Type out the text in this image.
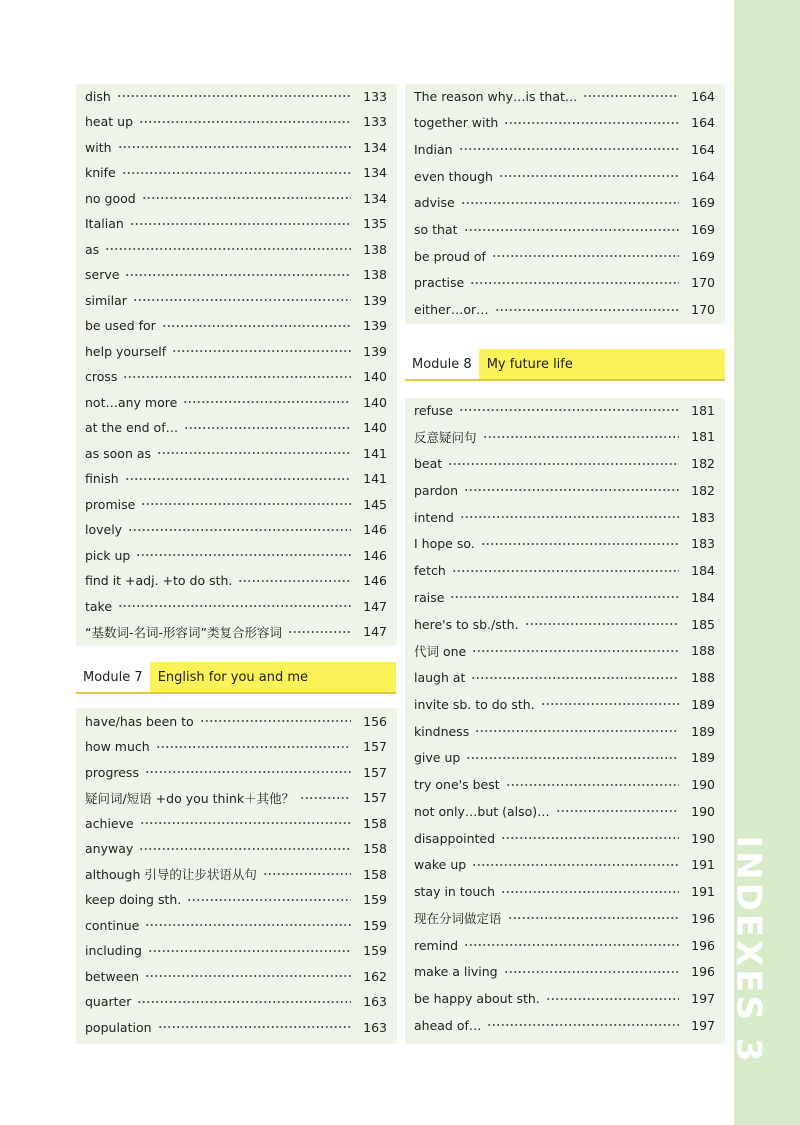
INDEXES 3
dish	133
heat up	133
with	134
knife	134
no good	134
Italian	135
as	138
serve	138
similar	139
be used for	139
help yourself	139
cross	140
not…any more	140
at the end of…	140
as soon as	141
finish	141
promise	145
lovely	146
pick up	146
find it +adj. +to do sth.	146
take	147
“基数词-名词-形容词”类复合形容词	147
Module 7	English for you and me
have/has been to	156
how much	157
progress	157
疑问词/短语 +do you think＋其他？	157
achieve	158
anyway	158
although 引导的让步状语从句	158
keep doing sth.	159
continue	159
including	159
between	162
quarter	163
population	163
The reason why…is that…	164
together with	164
Indian	164
even though	164
advise	169
so that	169
be proud of	169
practise	170
either…or…	170
Module 8	My future life
refuse	181
反意疑问句	181
beat	182
pardon	182
intend	183
I hope so.	183
fetch	184
raise	184
here's to sb./sth.	185
代词 one	188
laugh at	188
invite sb. to do sth.	189
kindness	189
give up	189
try one's best	190
not only…but (also)…	190
disappointed	190
wake up	191
stay in touch	191
现在分词做定语	196
remind	196
make a living	196
be happy about sth.	197
ahead of…	197
